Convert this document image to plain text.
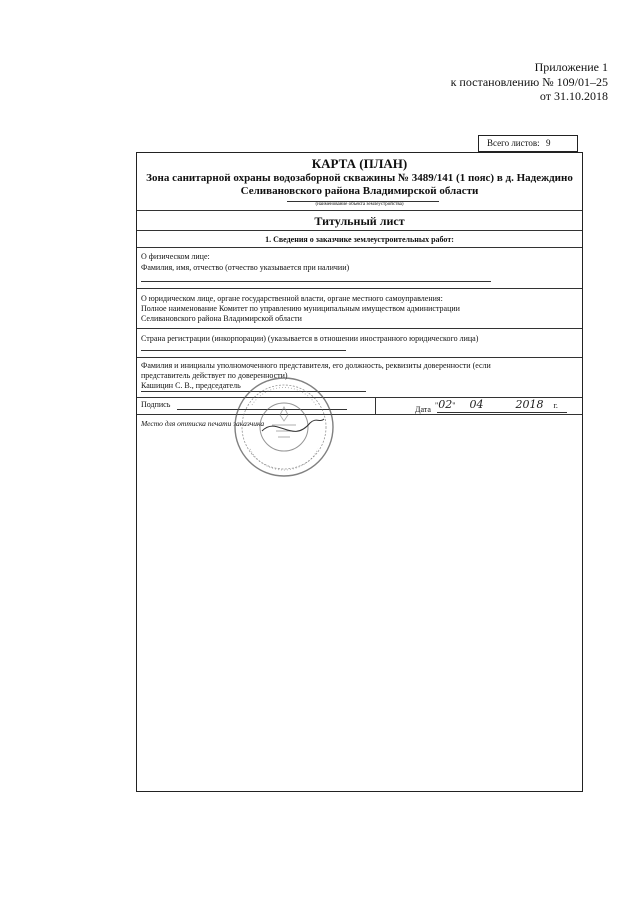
Приложение 1
к постановлению № 109/01–25
от 31.10.2018
Всего листов: 9
КАРТА (ПЛАН)
Зона санитарной охраны водозаборной скважины № 3489/141 (1 пояс) в д. Надеждино Селивановского района Владимирской области
(наименование объекта землеустройства)
Титульный лист
1. Сведения о заказчике землеустроительных работ:
О физическом лице:
Фамилия, имя, отчество (отчество указывается при наличии)
О юридическом лице, органе государственной власти, органе местного самоуправления:
Полное наименование Комитет по управлению муниципальным имуществом администрации
Селивановского района Владимирской области
Страна регистрации (инкорпорации) (указывается в отношении иностранного юридического лица)
Фамилия и инициалы уполномоченного представителя, его должность, реквизиты доверенности (если
представитель действует по доверенности)
Кашицин С. В., председатель
Подпись
Дата "02" 04	2018 г.
Место для оттиска печати заказчика
